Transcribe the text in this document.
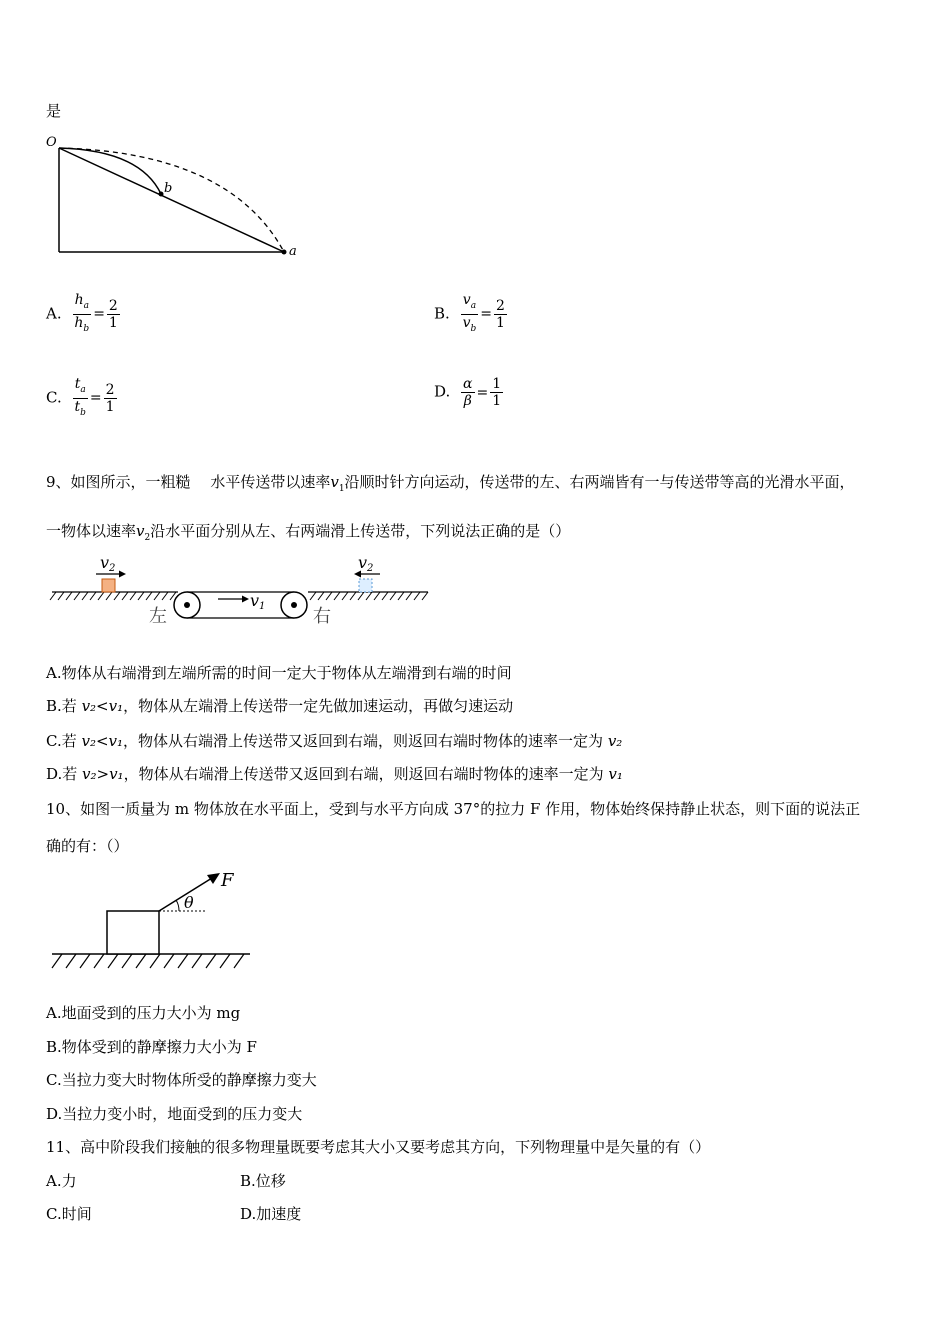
是
O
b
a
A. $\frac{h_a}{h_b} = \frac{2}{1}$	B. $\frac{v_a}{v_b} = \frac{2}{1}$
C. $\frac{t_a}{t_b} = \frac{2}{1}$	D. $\frac{\alpha}{\beta} = \frac{1}{1}$
9、如图所示，一粗糙 　水平传送带以速率$v_1$沿顺时针方向运动，传送带的左、右两端皆有一与传送带等高的光滑水平面，
一物体以速率$v_2$沿水平面分别从左、右两端滑上传送带，下列说法正确的是（）
v2	v2
v1
左	右
A.物体从右端滑到左端所需的时间一定大于物体从左端滑到右端的时间
B.若 v₂<v₁，物体从左端滑上传送带一定先做加速运动，再做匀速运动
C.若 v₂<v₁，物体从右端滑上传送带又返回到右端，则返回右端时物体的速率一定为 v₂
D.若 v₂>v₁，物体从右端滑上传送带又返回到右端，则返回右端时物体的速率一定为 v₁
10、如图一质量为 m 物体放在水平面上，受到与水平方向成 37°的拉力 F 作用，物体始终保持静止状态，则下面的说法正
确的有：（）
F
θ
A.地面受到的压力大小为 mg
B.物体受到的静摩擦力大小为 F
C.当拉力变大时物体所受的静摩擦力变大
D.当拉力变小时，地面受到的压力变大
11、高中阶段我们接触的很多物理量既要考虑其大小又要考虑其方向，下列物理量中是矢量的有（）
A.力	B.位移
C.时间	D.加速度
